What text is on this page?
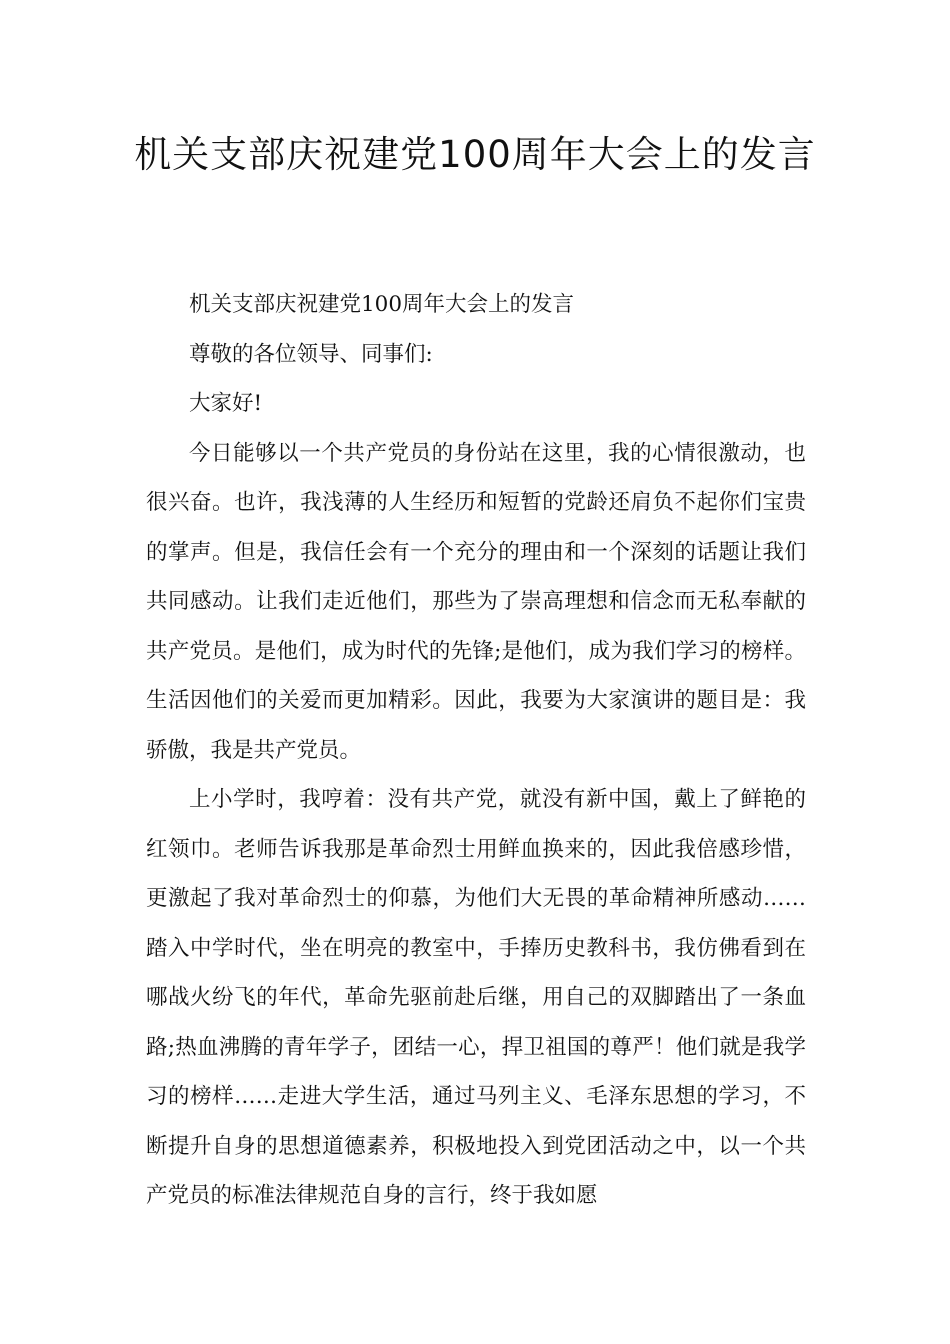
机关支部庆祝建党100周年大会上的发言

机关支部庆祝建党100周年大会上的发言

尊敬的各位领导、同事们:

大家好!

今日能够以一个共产党员的身份站在这里，我的心情很激动，也很兴奋。也许，我浅薄的人生经历和短暂的党龄还肩负不起你们宝贵的掌声。但是，我信任会有一个充分的理由和一个深刻的话题让我们共同感动。让我们走近他们，那些为了崇高理想和信念而无私奉献的共产党员。是他们，成为时代的先锋;是他们，成为我们学习的榜样。生活因他们的关爱而更加精彩。因此，我要为大家演讲的题目是：我骄傲，我是共产党员。

上小学时，我哼着：没有共产党，就没有新中国，戴上了鲜艳的红领巾。老师告诉我那是革命烈士用鲜血换来的，因此我倍感珍惜，更激起了我对革命烈士的仰慕，为他们大无畏的革命精神所感动……踏入中学时代，坐在明亮的教室中，手捧历史教科书，我仿佛看到在哪战火纷飞的年代，革命先驱前赴后继，用自己的双脚踏出了一条血路;热血沸腾的青年学子，团结一心，捍卫祖国的尊严！他们就是我学习的榜样……走进大学生活，通过马列主义、毛泽东思想的学习，不断提升自身的思想道德素养，积极地投入到党团活动之中，以一个共产党员的标准法律规范自身的言行，终于我如愿
